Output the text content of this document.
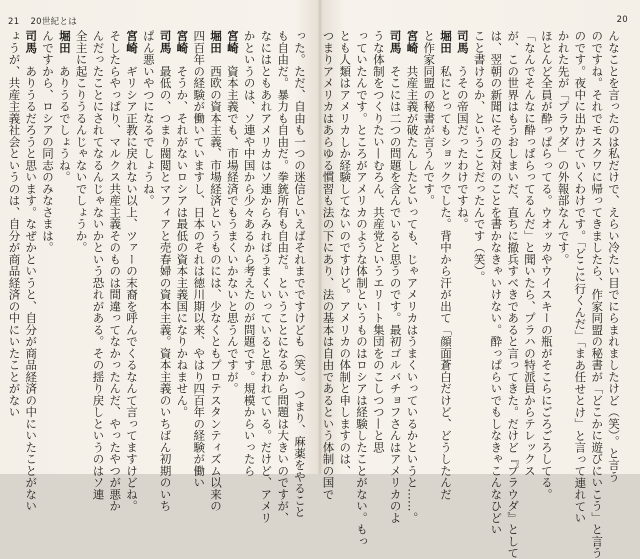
21 20世紀とは
った。ただ、自由も一つの迷信といえばそれまでですけども（笑）。つまり、麻薬をやること
も自由だ。暴力も自由だ。拳銃所有も自由だ。ということになるから問題は大きいのですが、
なにはともあれアメリカはソ連からみればうまくいっていると思われている。だけど、アメリ
かというのは、ソ連や中国から少々あるから考えたのが問題です。規模からいったら
宮崎　資本主義でも、市場経済でもうまくいかないと思うんですが。
堀田　西欧の資本主義、市場経済というものには、少なくともプロテスタンティズム以来の
四百年の経験が働いていますし、日本のそれは徳川期以来、やはり四百年の経験が働い
宮崎　そうか、それがないロシアは最低の資本主義国になりかねません。
司馬　最低の、つまり閥閲とマフィアと売春婦の資本主義。資本主義のいちばん初期のいち
ぱん悪いやつになるでしょうね。
宮崎　ギリシア正教に戻れない以上、ツァーの末裔を呼んでくるなんて言ってますけどね。
そしたらやっぱり、マルクス共産主義そのものは間違ってなかったんだ、やったやつが悪か
んだったことにされてなるんじゃないかという恐れがある。その揺り戻しというのはソ連
全主に起こりうるんじゃないでしょうか。
堀田　ありうるでしょうね。
んですから、ロシアの同志のみなさまは。
司馬　ありうるだろうと思います。なぜかというと、自分が商品経済の中にいたことがない
ょうが、共産主義社会というのは、自分が商品経済の中にいたことがない
20
んなことを言ったのは私だけで、えらい冷たい目でにらまれましたけど（笑）。と言う
のですね。それでモスクワに帰ってきましたら、作家同盟の秘書が「どこかに遊びにいこう」と言う
のです。夜中に出かけていくわけです。「どこに行くんだ」「まあ任せとけ」と言って連れてい
かれた先が「プラウダ」の外報部なんです。
ほとんど全員が酔っぱらってる。ウオッカやウイスキーの瓶がそこらにごろごろしてる。
「なんでそんなに酔っぱらってるんだ」と聞いたら、プラハの特派員からテレックス
が、この世界はもうおしまいだ、直ちに撤兵すべきであると言ってきた。だけど『プラウダ』として
は、翌朝の新聞にその反対のことを書かなきゃいけない。酔っぱらいでもしなきゃこんなひどい
こと書けるか、ということだったんです（笑）。
司馬　うその帝国だったわけですね。
堀田　私にとってもショックでした。背中から汗が出て「顔面蒼白だけど、どうしたんだ
と作家同盟の秘書が言うんです。
宮崎　共産主義が破たんしたといっても、じゃアメリカはうまくいっているかというと……。
司馬　そこには二つの問題を含んでいると思うのです。最初ゴルバチョフさんはアメリカのよ
うな体制をつくりたい—むろん、共産党というエリート集団をのこしつつ—と思
っていたんです。ところがアメリカのような体制というものはロシアは経験したことがない。もっ
とも人類はアメリカしか経験してないのですけど。アメリカの体制と申しますのは、
つまりアメリカはあらゆる慣習も法の下にあり、法の基本は自由であるという体制の国で
